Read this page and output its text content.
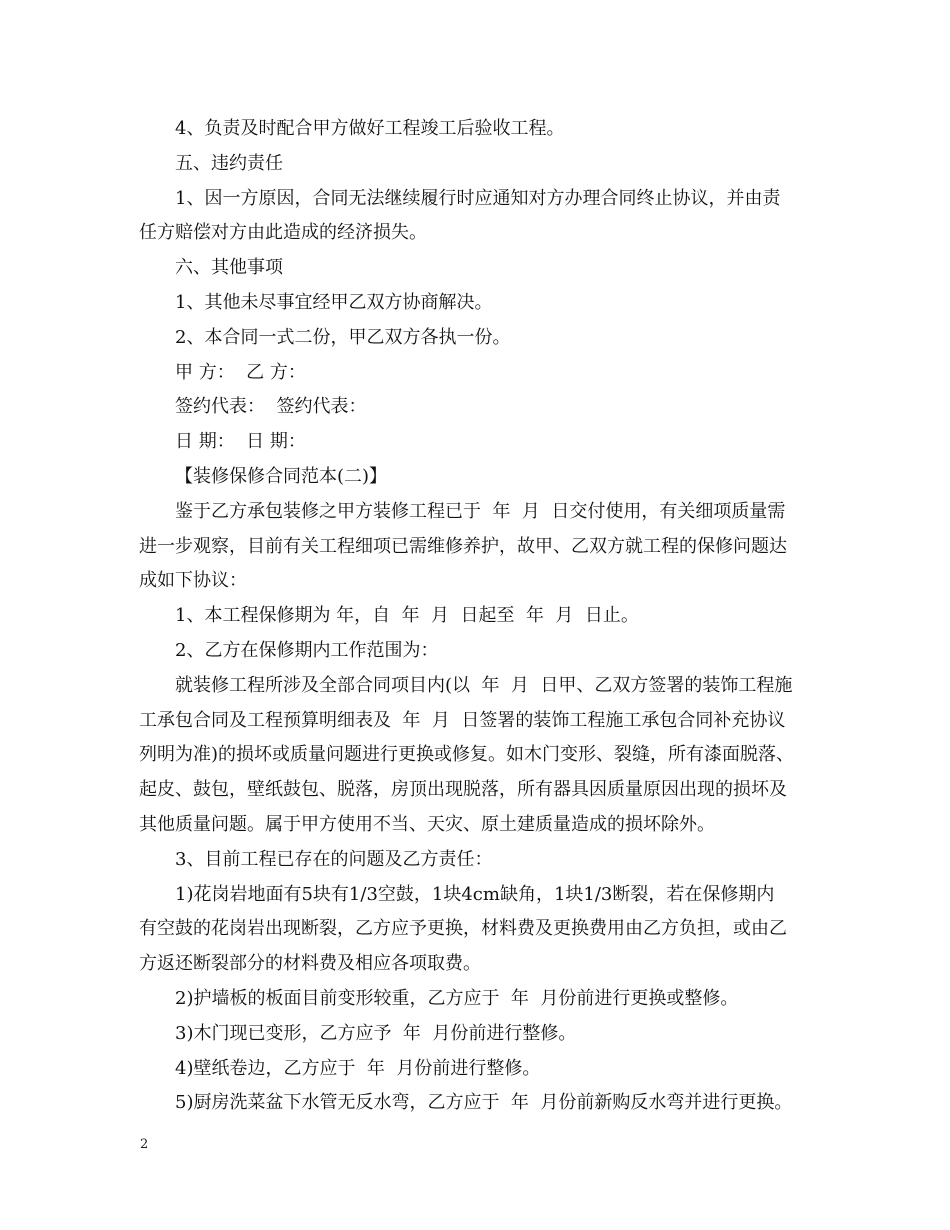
4、负责及时配合甲方做好工程竣工后验收工程。
五、违约责任
1、因一方原因，合同无法继续履行时应通知对方办理合同终止协议，并由责
任方赔偿对方由此造成的经济损失。
六、其他事项
1、其他未尽事宜经甲乙双方协商解决。
2、本合同一式二份，甲乙双方各执一份。
甲 方：  乙 方：
签约代表：  签约代表：
日 期：  日 期：
【装修保修合同范本(二)】
鉴于乙方承包装修之甲方装修工程已于  年  月  日交付使用，有关细项质量需
进一步观察，目前有关工程细项已需维修养护，故甲、乙双方就工程的保修问题达
成如下协议：
1、本工程保修期为 年，自  年  月  日起至  年  月  日止。
2、乙方在保修期内工作范围为：
就装修工程所涉及全部合同项目内(以  年  月  日甲、乙双方签署的装饰工程施
工承包合同及工程预算明细表及  年  月  日签署的装饰工程施工承包合同补充协议
列明为准)的损坏或质量问题进行更换或修复。如木门变形、裂缝，所有漆面脱落、
起皮、鼓包，壁纸鼓包、脱落，房顶出现脱落，所有器具因质量原因出现的损坏及
其他质量问题。属于甲方使用不当、天灾、原土建质量造成的损坏除外。
3、目前工程已存在的问题及乙方责任：
1)花岗岩地面有5块有1/3空鼓，1块4cm缺角，1块1/3断裂，若在保修期内
有空鼓的花岗岩出现断裂，乙方应予更换，材料费及更换费用由乙方负担，或由乙
方返还断裂部分的材料费及相应各项取费。
2)护墙板的板面目前变形较重，乙方应于  年  月份前进行更换或整修。
3)木门现已变形，乙方应予  年  月份前进行整修。
4)壁纸卷边，乙方应于  年  月份前进行整修。
5)厨房洗菜盆下水管无反水弯，乙方应于  年  月份前新购反水弯并进行更换。
2
